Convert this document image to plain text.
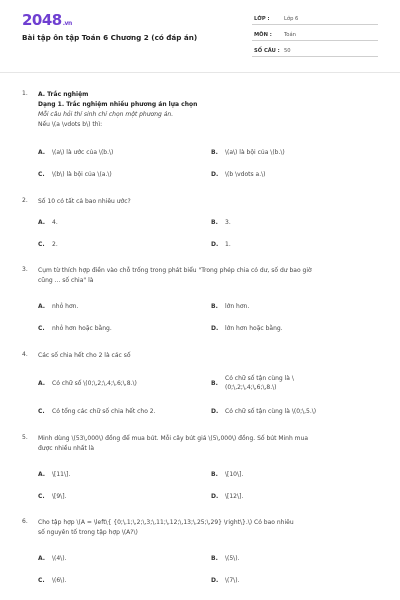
2048.vn
Bài tập ôn tập Toán 6 Chương 2 (có đáp án)
LỚP :	Lớp 6
MÔN : Toán
SỐ CÂU : 50
1. A. Trắc nghiệm
Dạng 1. Trắc nghiệm nhiều phương án lựa chọn
Mỗi câu hỏi thí sinh chỉ chọn một phương án.
Nếu \(a \vdots b\) thì:
A. \(a\) là ước của \(b.\)	B. \(a\) là bội của \(b.\)
C. \(b\) là bội của \(a.\)	D. \(b \vdots a.\)
2. Số 10 có tất cả bao nhiêu ước?
A. 4.	B. 3.
C. 2.	D. 1.
3. Cụm từ thích hợp điền vào chỗ trống trong phát biểu "Trong phép chia có dư, số dư bao giờ
cũng ... số chia" là
A. nhỏ hơn.	B. lớn hơn.
C. nhỏ hơn hoặc bằng.	D. lớn hơn hoặc bằng.
4. Các số chia hết cho 2 là các số
A. Có chữ số \(0;\,2;\,4;\,6;\,8.\)	B.
Có chữ số tận cùng là \(0;\,2;\,4;\,6;\,8.\)
C. Có tổng các chữ số chia hết cho 2.	D. Có chữ số tận cùng là \(0;\,5.\)
5. Minh dùng \(53\,000\) đồng để mua bút. Mỗi cây bút giá \(5\,000\) đồng. Số bút Minh mua
được nhiều nhất là
A. \[11\].	B. \[10\].
C. \[9\].	D. \[12\].
6. Cho tập hợp \(A = \left\{ {0;\,1;\,2;\,3;\,11;\,12;\,13;\,25;\,29} \right\}.\) Có bao nhiêu
số nguyên tố trong tập hợp \(A?\)
A. \(4\).	B. \(5\).
C. \(6\).	D. \(7\).
